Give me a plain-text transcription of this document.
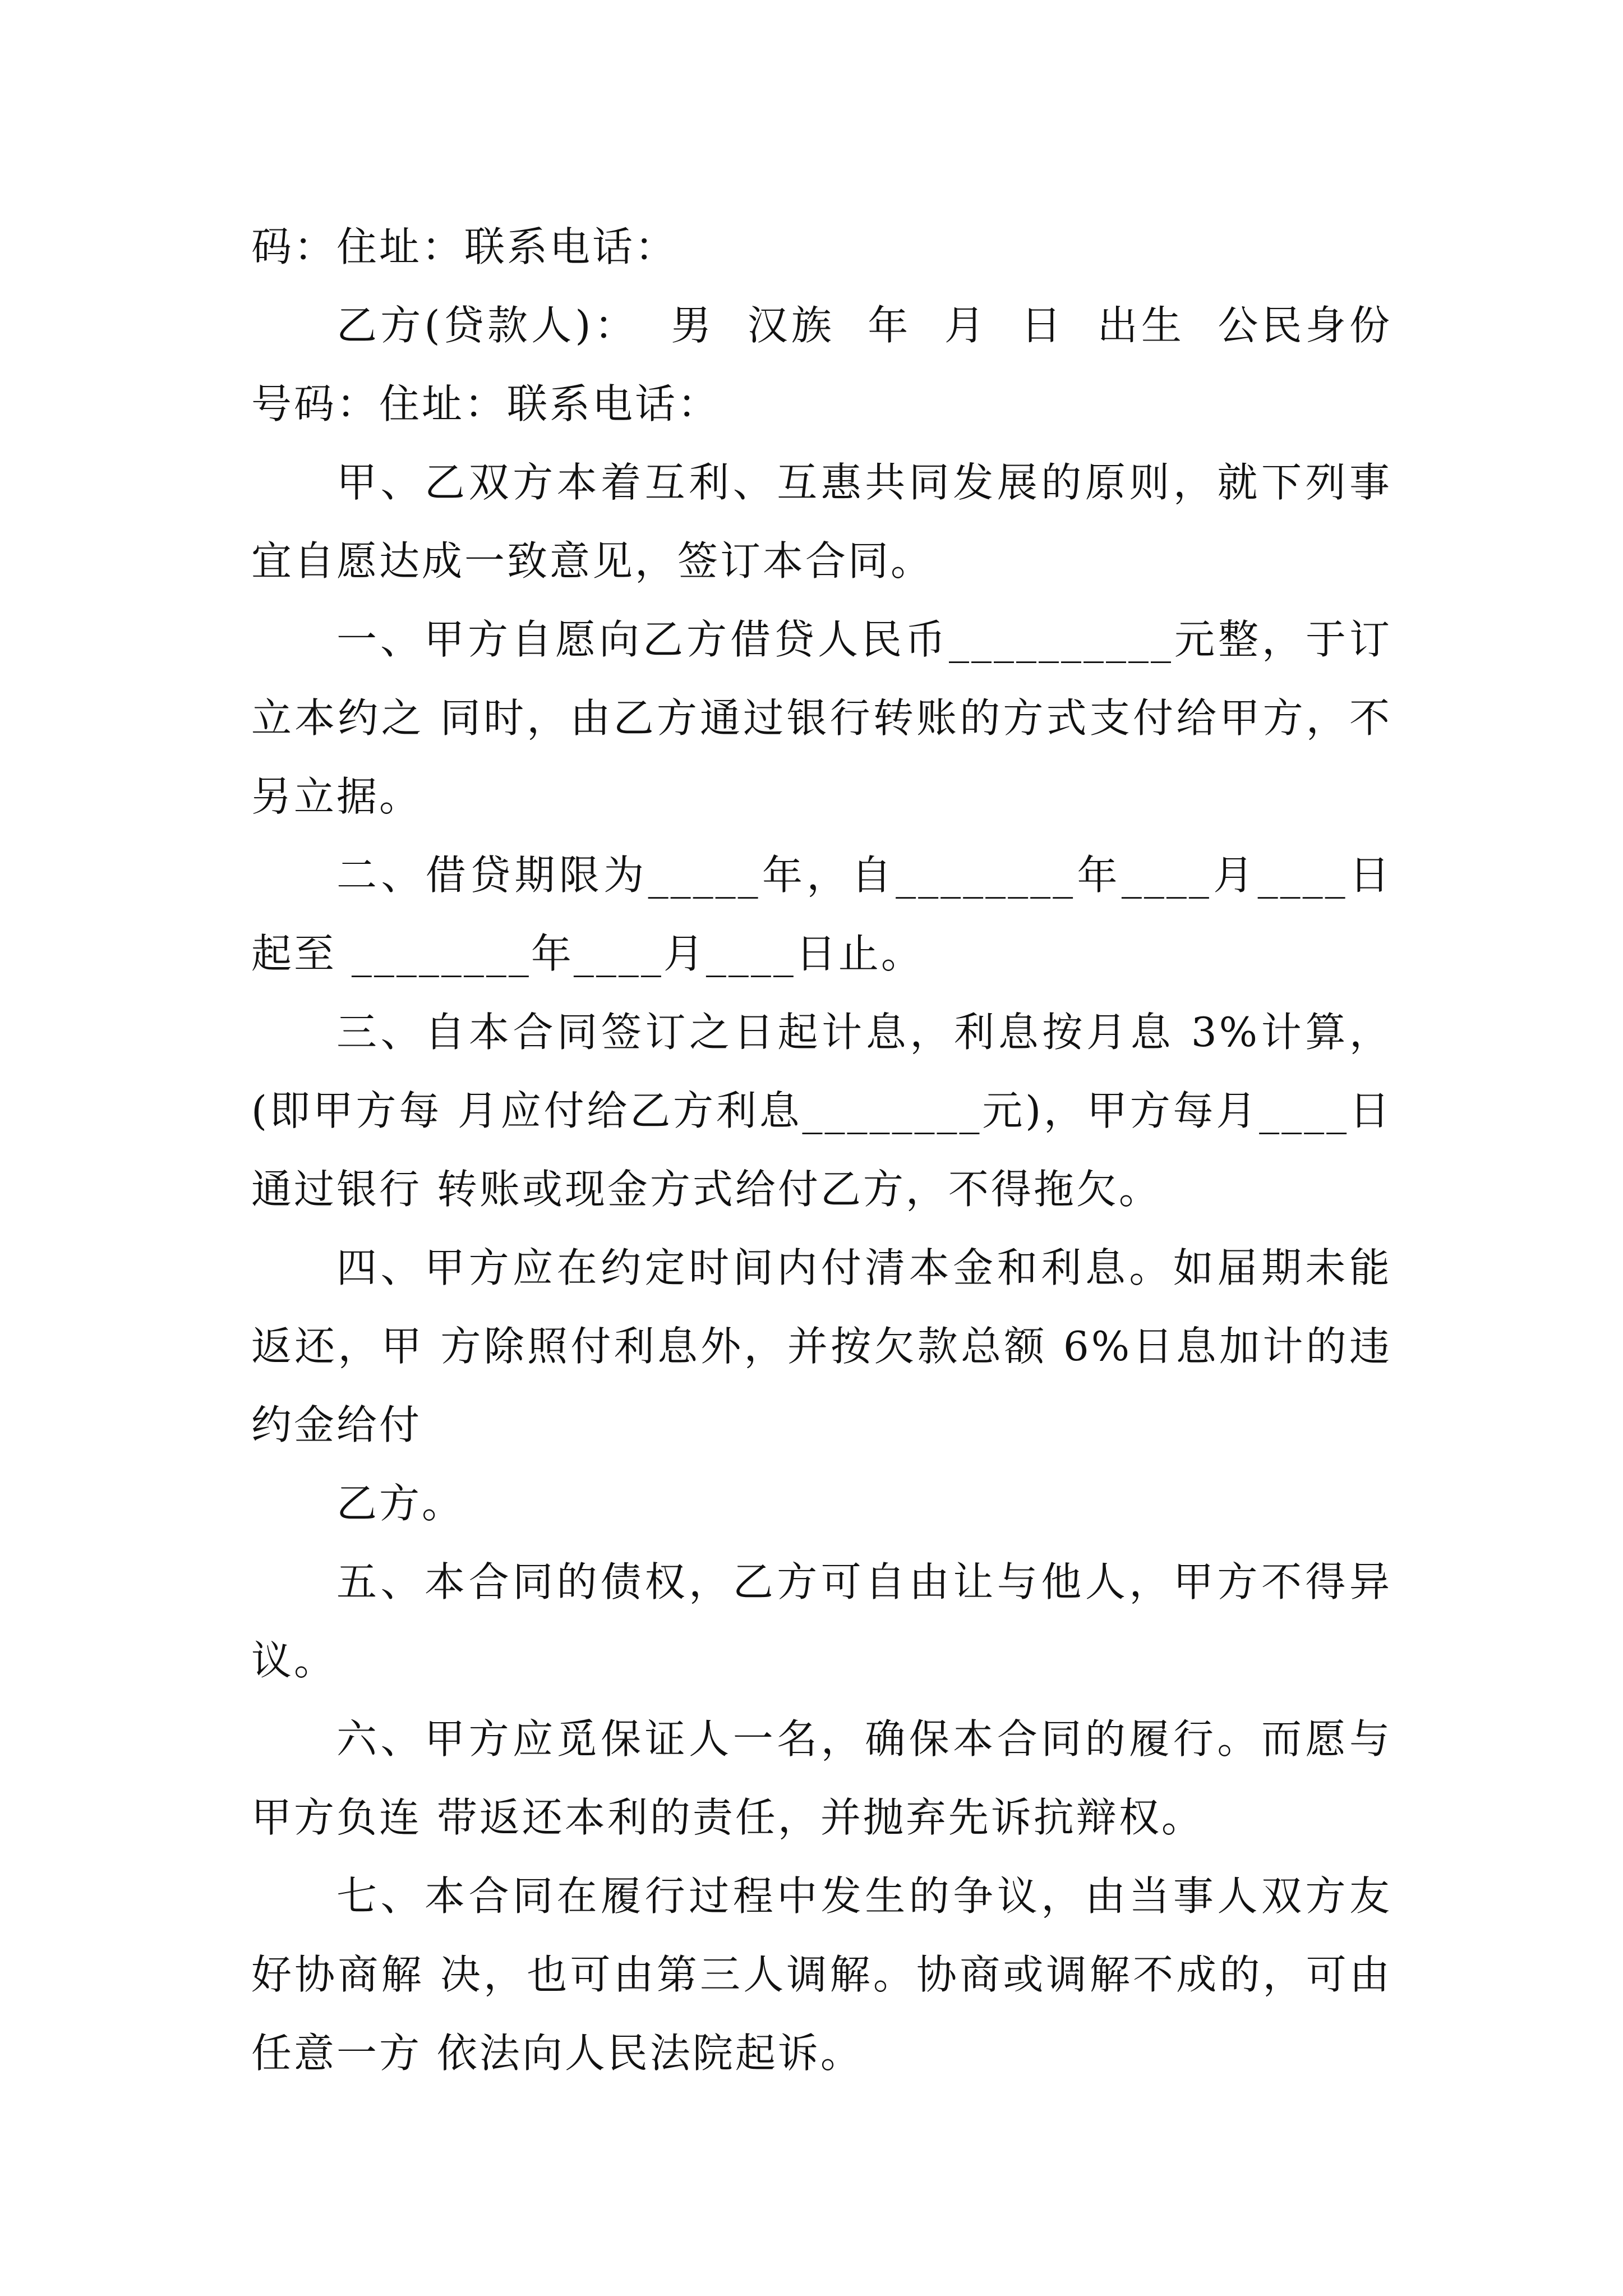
码：住址：联系电话：

乙方(贷款人)：  男  汉族  年  月  日  出生  公民身份号码：住址：联系电话：

甲、乙双方本着互利、互惠共同发展的原则，就下列事宜自愿达成一致意见，签订本合同。

一、甲方自愿向乙方借贷人民币__________元整，于订立本约之 同时，由乙方通过银行转账的方式支付给甲方，不另立据。

二、借贷期限为_____年，自________年____月____日起至 ________年____月____日止。

三、自本合同签订之日起计息，利息按月息 3%计算，(即甲方每 月应付给乙方利息________元)，甲方每月____日通过银行 转账或现金方式给付乙方，不得拖欠。

四、甲方应在约定时间内付清本金和利息。如届期未能返还，甲 方除照付利息外，并按欠款总额 6%日息加计的违约金给付

乙方。

五、本合同的债权，乙方可自由让与他人，甲方不得异议。

六、甲方应觅保证人一名，确保本合同的履行。而愿与甲方负连 带返还本利的责任，并抛弃先诉抗辩权。

七、本合同在履行过程中发生的争议，由当事人双方友好协商解 决，也可由第三人调解。协商或调解不成的，可由任意一方 依法向人民法院起诉。
